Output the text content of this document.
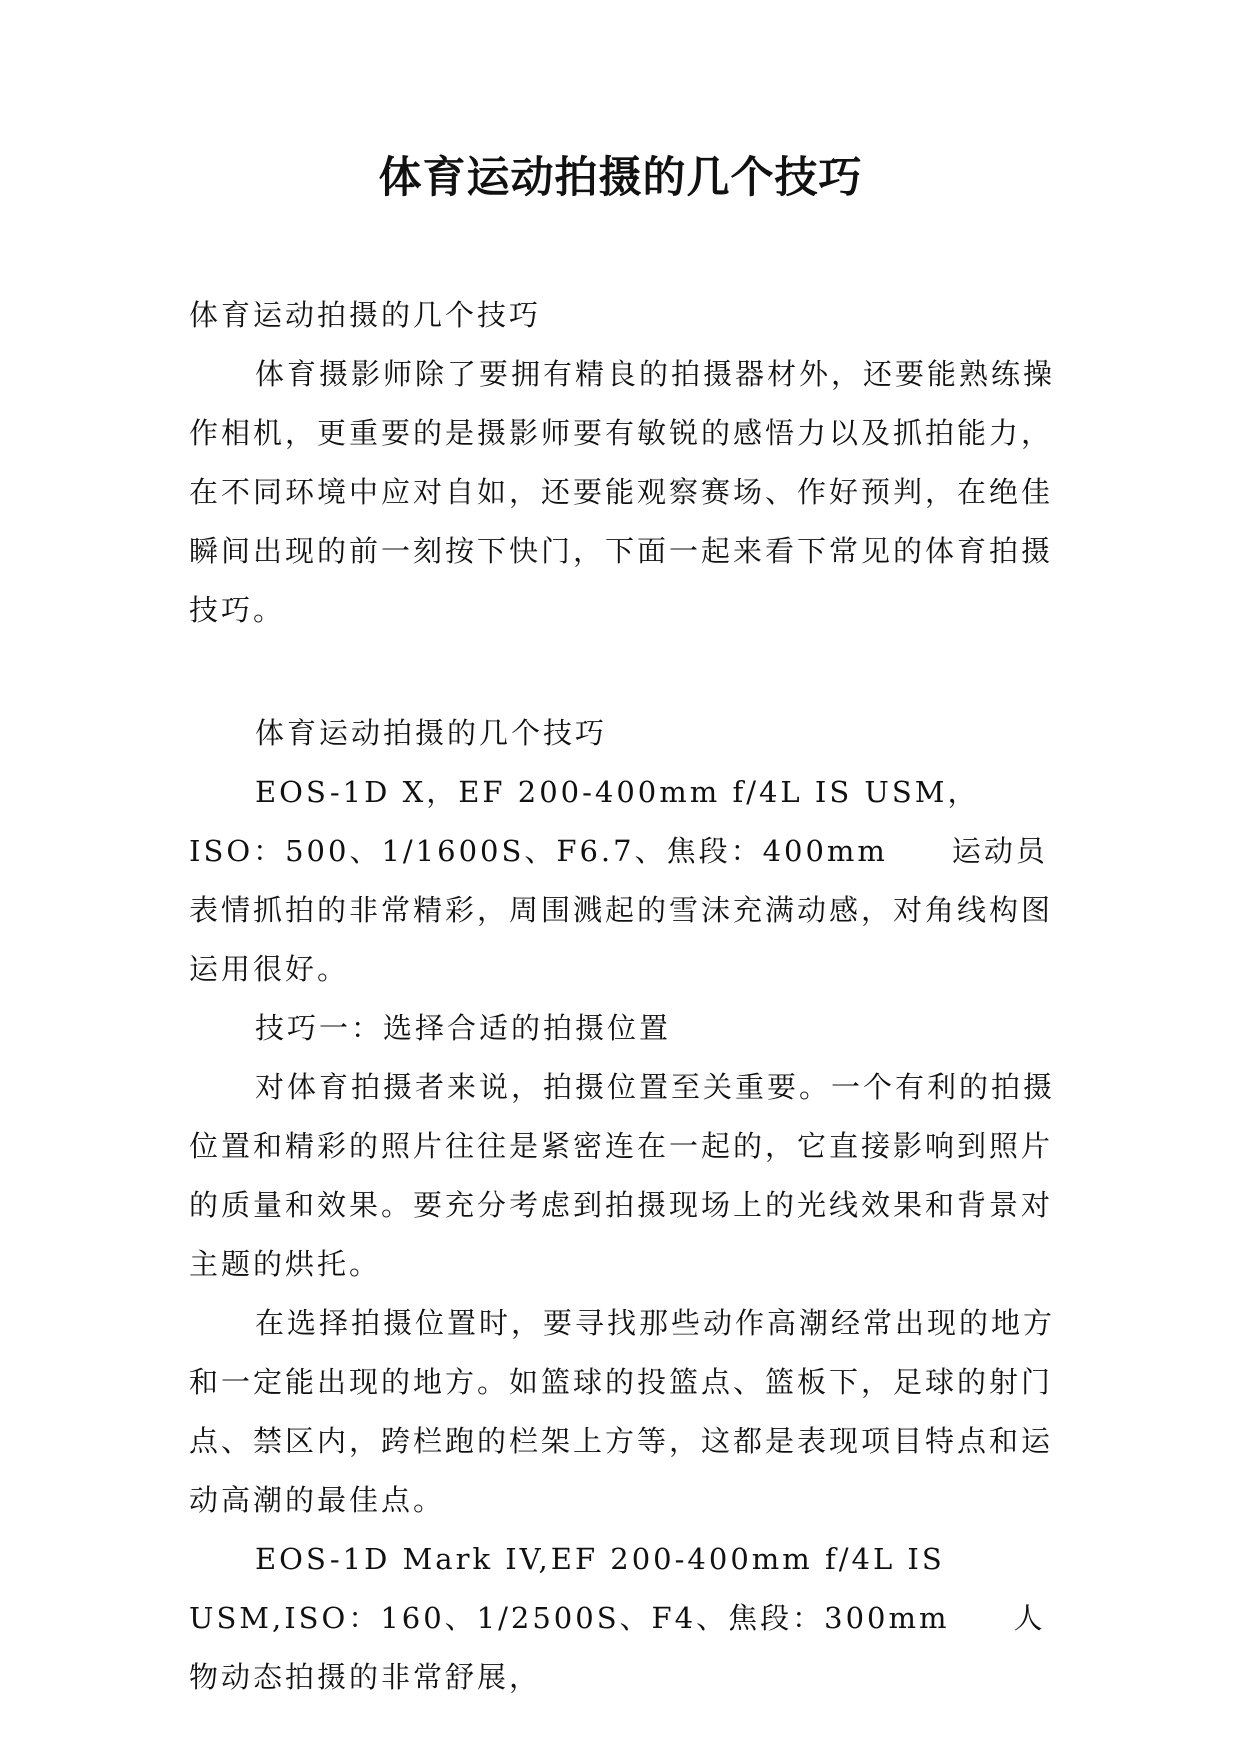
体育运动拍摄的几个技巧

体育运动拍摄的几个技巧

体育摄影师除了要拥有精良的拍摄器材外，还要能熟练操作相机，更重要的是摄影师要有敏锐的感悟力以及抓拍能力，在不同环境中应对自如，还要能观察赛场、作好预判，在绝佳瞬间出现的前一刻按下快门，下面一起来看下常见的体育拍摄技巧。

体育运动拍摄的几个技巧

EOS-1D X，EF 200-400mm f/4L IS USM，ISO：500、1/1600S、F6.7、焦段：400mm　　运动员表情抓拍的非常精彩，周围溅起的雪沫充满动感，对角线构图运用很好。

技巧一：选择合适的拍摄位置

对体育拍摄者来说，拍摄位置至关重要。一个有利的拍摄位置和精彩的照片往往是紧密连在一起的，它直接影响到照片的质量和效果。要充分考虑到拍摄现场上的光线效果和背景对主题的烘托。

在选择拍摄位置时，要寻找那些动作高潮经常出现的地方和一定能出现的地方。如篮球的投篮点、篮板下，足球的射门点、禁区内，跨栏跑的栏架上方等，这都是表现项目特点和运动高潮的最佳点。

EOS-1D Mark IV,EF 200-400mm f/4L IS USM,ISO：160、1/2500S、F4、焦段：300mm　　人物动态拍摄的非常舒展，
